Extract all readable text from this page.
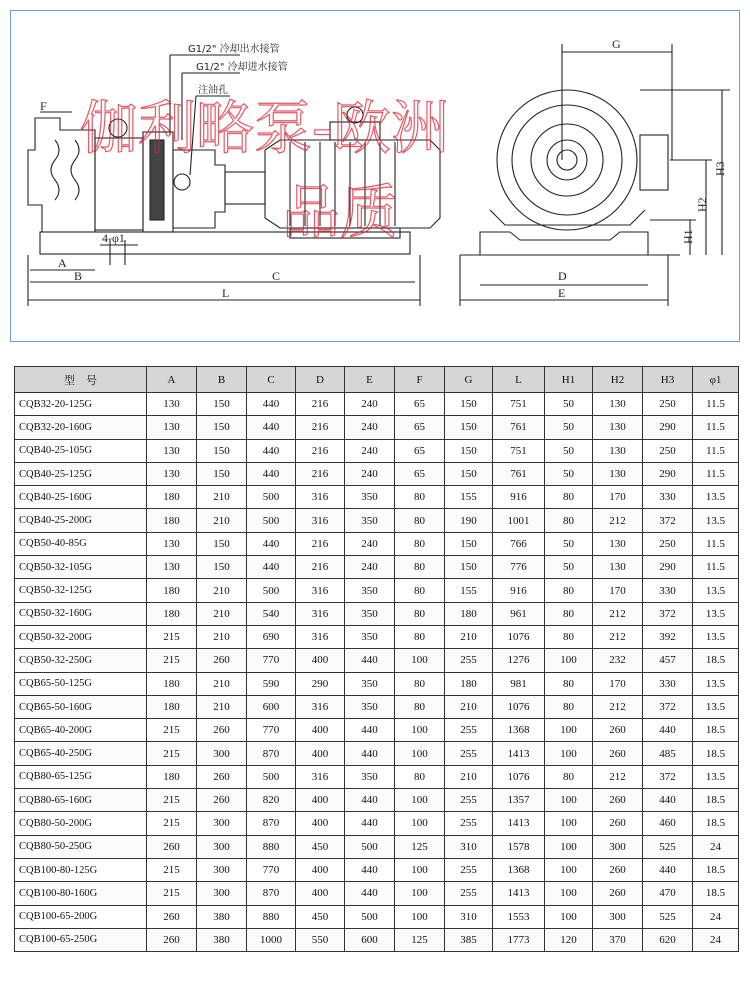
G1/2" 冷却出水接管
G1/2" 冷却进水接管
注油孔
F
A
B	C
L
4-φ1
G
D
E
H1
H2
H3
伽利略泵-欧洲
品质
型　号	A	B	C	D	E	F	G	L	H1	H2	H3	φ1
CQB32-20-125G	130	150	440	216	240	65	150	751	50	130	250	11.5
CQB32-20-160G	130	150	440	216	240	65	150	761	50	130	290	11.5
CQB40-25-105G	130	150	440	216	240	65	150	751	50	130	250	11.5
CQB40-25-125G	130	150	440	216	240	65	150	761	50	130	290	11.5
CQB40-25-160G	180	210	500	316	350	80	155	916	80	170	330	13.5
CQB40-25-200G	180	210	500	316	350	80	190	1001	80	212	372	13.5
CQB50-40-85G	130	150	440	216	240	80	150	766	50	130	250	11.5
CQB50-32-105G	130	150	440	216	240	80	150	776	50	130	290	11.5
CQB50-32-125G	180	210	500	316	350	80	155	916	80	170	330	13.5
CQB50-32-160G	180	210	540	316	350	80	180	961	80	212	372	13.5
CQB50-32-200G	215	210	690	316	350	80	210	1076	80	212	392	13.5
CQB50-32-250G	215	260	770	400	440	100	255	1276	100	232	457	18.5
CQB65-50-125G	180	210	590	290	350	80	180	981	80	170	330	13.5
CQB65-50-160G	180	210	600	316	350	80	210	1076	80	212	372	13.5
CQB65-40-200G	215	260	770	400	440	100	255	1368	100	260	440	18.5
CQB65-40-250G	215	300	870	400	440	100	255	1413	100	260	485	18.5
CQB80-65-125G	180	260	500	316	350	80	210	1076	80	212	372	13.5
CQB80-65-160G	215	260	820	400	440	100	255	1357	100	260	440	18.5
CQB80-50-200G	215	300	870	400	440	100	255	1413	100	260	460	18.5
CQB80-50-250G	260	300	880	450	500	125	310	1578	100	300	525	24
CQB100-80-125G	215	300	770	400	440	100	255	1368	100	260	440	18.5
CQB100-80-160G	215	300	870	400	440	100	255	1413	100	260	470	18.5
CQB100-65-200G	260	380	880	450	500	100	310	1553	100	300	525	24
CQB100-65-250G	260	380	1000	550	600	125	385	1773	120	370	620	24
